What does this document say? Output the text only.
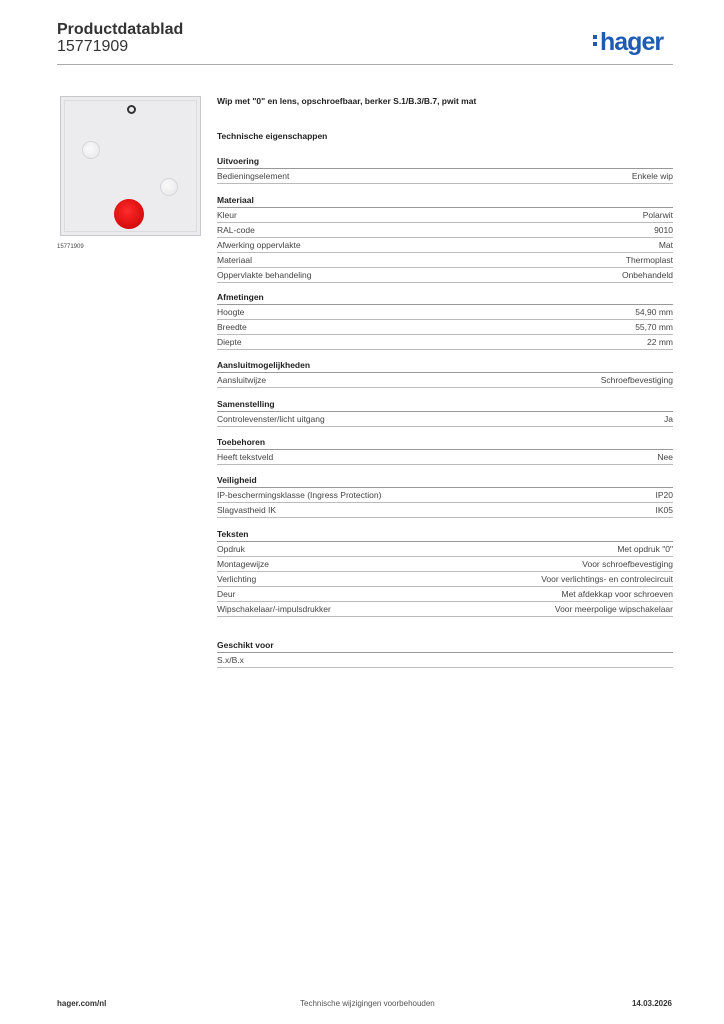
Productdatablad
15771909	hager
15771909
Wip met "0" en lens, opschroefbaar, berker S.1/B.3/B.7, pwit mat
Technische eigenschappen
Uitvoering
Bedieningselement	Enkele wip
Materiaal
Kleur	Polarwit
RAL-code	9010
Afwerking oppervlakte	Mat
Materiaal	Thermoplast
Oppervlakte behandeling	Onbehandeld
Afmetingen
Hoogte	54,90 mm
Breedte	55,70 mm
Diepte	22 mm
Aansluitmogelijkheden
Aansluitwijze	Schroefbevestiging
Samenstelling
Controlevenster/licht uitgang	Ja
Toebehoren
Heeft tekstveld	Nee
Veiligheid
IP-beschermingsklasse (Ingress Protection)	IP20
Slagvastheid IK	IK05
Teksten
Opdruk	Met opdruk "0"
Montagewijze	Voor schroefbevestiging
Verlichting	Voor verlichtings- en controlecircuit
Deur	Met afdekkap voor schroeven
Wipschakelaar/-impulsdrukker	Voor meerpolige wipschakelaar
Geschikt voor
S.x/B.x
hager.com/nl	Technische wijzigingen voorbehouden	14.03.2026
